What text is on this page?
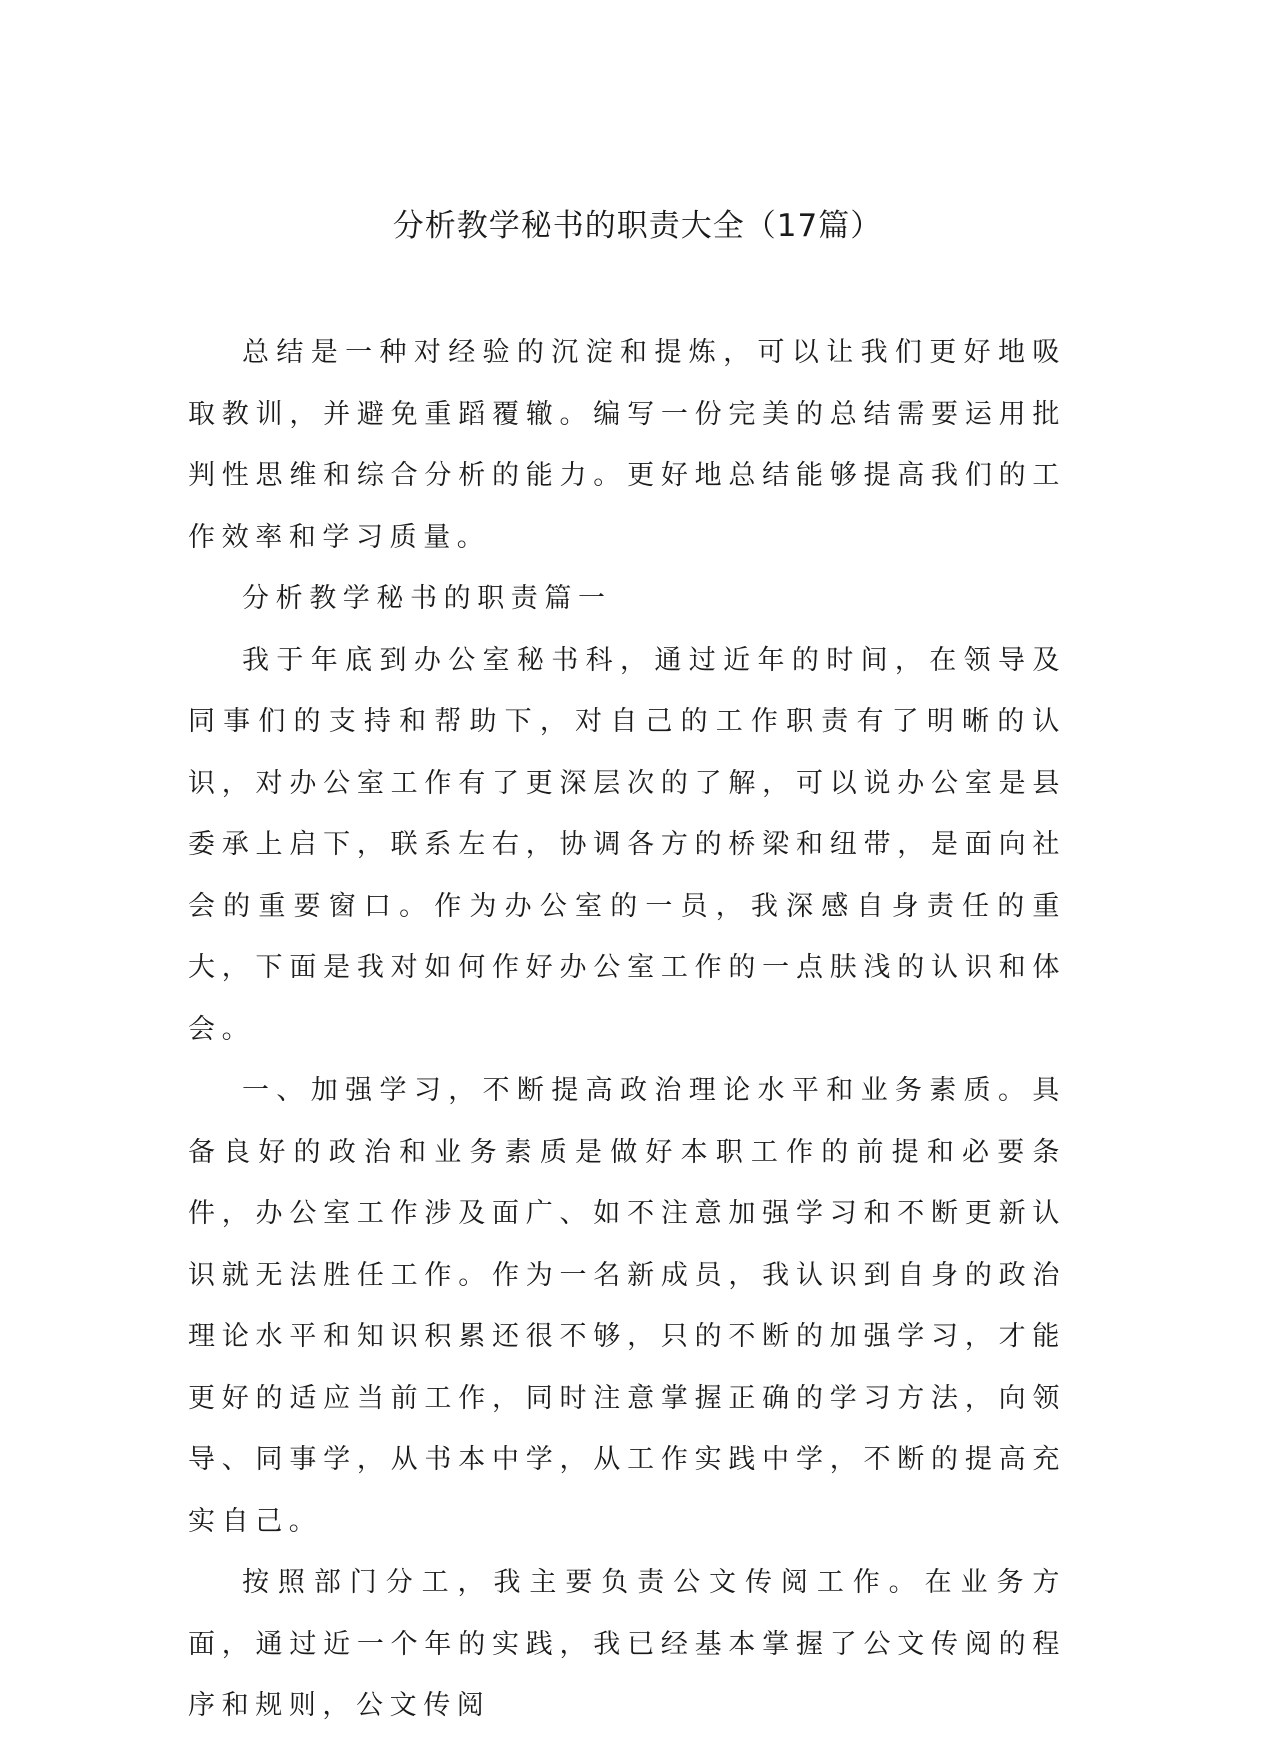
分析教学秘书的职责大全（17篇）

总结是一种对经验的沉淀和提炼，可以让我们更好地吸取教训，并避免重蹈覆辙。编写一份完美的总结需要运用批判性思维和综合分析的能力。更好地总结能够提高我们的工作效率和学习质量。

分析教学秘书的职责篇一

我于年底到办公室秘书科，通过近年的时间，在领导及同事们的支持和帮助下，对自己的工作职责有了明晰的认识，对办公室工作有了更深层次的了解，可以说办公室是县委承上启下，联系左右，协调各方的桥梁和纽带，是面向社会的重要窗口。作为办公室的一员，我深感自身责任的重大，下面是我对如何作好办公室工作的一点肤浅的认识和体会。

一、加强学习，不断提高政治理论水平和业务素质。具备良好的政治和业务素质是做好本职工作的前提和必要条件，办公室工作涉及面广、如不注意加强学习和不断更新认识就无法胜任工作。作为一名新成员，我认识到自身的政治理论水平和知识积累还很不够，只的不断的加强学习，才能更好的适应当前工作，同时注意掌握正确的学习方法，向领导、同事学，从书本中学，从工作实践中学，不断的提高充实自己。

按照部门分工，我主要负责公文传阅工作。在业务方面，通过近一个年的实践，我已经基本掌握了公文传阅的程序和规则，公文传阅
